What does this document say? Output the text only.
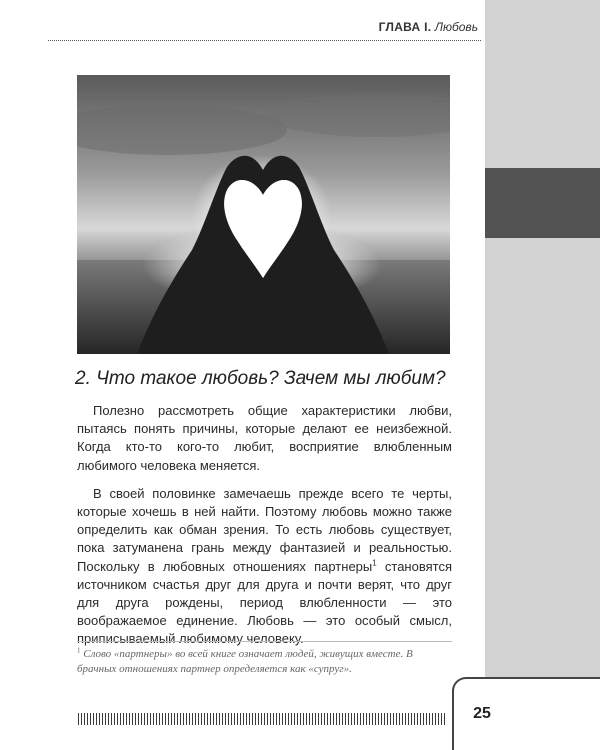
25
ГЛАВА I. Любовь
2. Что такое любовь? Зачем мы любим?

Полезно рассмотреть общие характеристики любви, пытаясь понять причины, которые делают ее неизбежной. Когда кто-то кого-то любит, восприятие влюбленным любимого человека меняется.

В своей половинке замечаешь прежде всего те черты, которые хочешь в ней найти. Поэтому любовь можно также определить как обман зрения. То есть любовь существует, пока затуманена грань между фантазией и реальностью. Поскольку в любовных отношениях партнеры$^1$ становятся источником счастья друг для друга и почти верят, что друг для друга рождены, период влюбленности — это воображаемое единение. Любовь — это особый смысл, приписываемый любимому человеку.

$^1$ Слово «партнеры» во всей книге означает людей, живущих вместе. В брачных отношениях партнер определяется как «супруг».
